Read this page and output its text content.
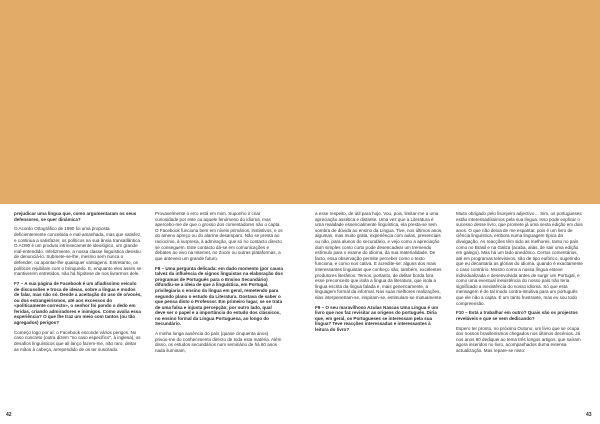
prejudicar uma língua que, como argumentaram os seus defensores, se quer dinâmica?

O Acordo Ortográfico de 1990 foi uma proposta deficientemente concebida e mal-amanhada, mas que satisfez, e continua a satisfazer, os políticos na sua ânsia transatlântica. O AO90 é um produto intrinsecamente ideológico, um grande mal-entendido. Infelizmente, a nossa classe linguística desistiu de denunciá-lo. Submete-se-lhe, mesmo sem nunca o defender, ou apontar-lhe quaisquer vantagens. Entretanto, os políticos rejubilam com o brinquedo. E, enquanto eles assim se mantiverem entretidos, não há hipótese de nos livrarmos dele.

F7 – A sua página de Facebook é um afiadíssimo veículo de discussões e troca de ideias, sobre a língua e modos de falar, mas não só. Desde a aceitação do uso de o/vocês, ou dos estrangeirismos, até aos excessos do «politicamente correcto», o senhor foi pondo o dedo em feridas, criando admiradores e inimigos. Como avalia essa experiência? O que lhe traz um meio com tantos (ou tão agregados) perigos?

Começo logo por aí: o Facebook esconde vários perigos. No caso concreto (outra dizem "no caso específico", à inglesa), os desafios linguísticos que ali lanço fazem-me, não raro, deitar as mãos à cabeça, arrependido de os ter suscitado.

Provavelmente o erro está em mim. Suponho ir criar curiosidade por este ou aquele fenómeno do idioma, mas apercebo-me de que o grosso dos comentadores não o capta. O Facebook funciona bem em níveis primários, instintivos, e os do ameno apreço ou do alarme desamparo. Não se presta ao raciocínio, à surpresa, à admiração, que só no contacto directo se conseguem. Este contacto dá-se em comunicações e debates ao vivo na Internet, no Zoom ou outras plataformas, a que anteveio um grande futuro.

F8 – Uma pergunta delicada: em dado momento (por causa talvez da influência de signos linguistas na elaboração dos programas de Português para o Ensino Secundário) difundiu-se a ideia de que a linguística, em Portugal, privilegiaria o ensino da língua em geral, remetendo para segundo plano o estudo da Literatura. Gostava de saber o que pensa disto o Professor. Em primeiro lugar, se se trata de uma falsa e injusta percepção; por outro lado, qual deve ser o papel e a importância do estudo dos clássicos, no ensino formal da Língua Portuguesa, ao longo do Secundário.

A minha longa ausência do país (quase cinquenta anos) privou-me do conhecimento directo de toda esta matéria. Além disso, os estudos secundários num seminário de há 60 anos nada iluminam,

a esse respeito, de útil para hoje. Vou, pois, limitar-me a uma apreciação assética e distante. Uma vez que a Literatura é uma realidade essencialmente linguística, ela presta-se sem sombra de dúvida ao ensino da Língua. Tive, nos últimos anos, algumas, mas muito grata, experiência com aulas, presenciais ou não, para alunos do secundário, e vejo como a apreciação dum simples conto curto pode desencadear um tremendo estímulo para o exame do idioma, da sua materialidade. De facto, essa observação permite perceber como o texto funciona, e como nos cativa. E acredite-se: alguns dos mais interessantes linguistas que conheço são, também, excelentes produtores literários. Temos, portanto, de delitar borda fora esse preconceito que isola a língua da literatura, que isola a língua escrita da língua falada e, mais genericamente, a linguagem formal da informal. Nas suas melhores realizações, elas interpenetram-se, inspiram-se, estimulam-se mutuamente.

F9 – O seu maravilhoso Azulas Nascas Uma Língua é um livro que nos faz revisitar as origens do português. Diria que, em geral, os Portugueses se interessam pela sua língua? Teve reacções interessadas e interessantes à leitura do livro?

Muito obrigado pelo lisonjeiro adjectivo… Sim, os portugueses estão interessadíssimos pela sua língua. Isso pode explicar o sucesso desse livro, que promete já uma sexta edição em dois anos. O que não deixa de me espantar, pois é um livro de ciência linguística, embora numa linguagem típica da divulgação. As reacções têm sido as melhores, tanto no país como no Brasil e na Galiza (acaba, aliás, de sair uma edição em galego). Mas há um lado anedótico. Certos comentários, até em programas televisivos, são de tipo eufórico, sugerindo que eu decantaria as glórias do idioma, quando é exactamente o caso contrário. Mostro como a nossa língua esteve individualizada e desenvolvida antes de surgir um Portugal, e como uma eventual inexistência do nosso país não teria significado a inexistência do nosso idioma. Só que esta mensagem é de tal modo contra-intuitiva para um português que ele não a capta. É um tanto frustrante, mas eu sou todo compreensão.

F10 – Está a trabalhar em outro? Quais são os projectos reveláveis e que se vem dedicando?

Espero ter pronto, no próximo Outono, um livro que se ocupa dos nossos brasileirismos chegados nos últimos decénios. Já nos anos 80 dediquei ao tema três longos artigos, que saíram agora inseridos no livro, acompanhados duma extensa actualização. Mas repare-se nisto:

42	43
